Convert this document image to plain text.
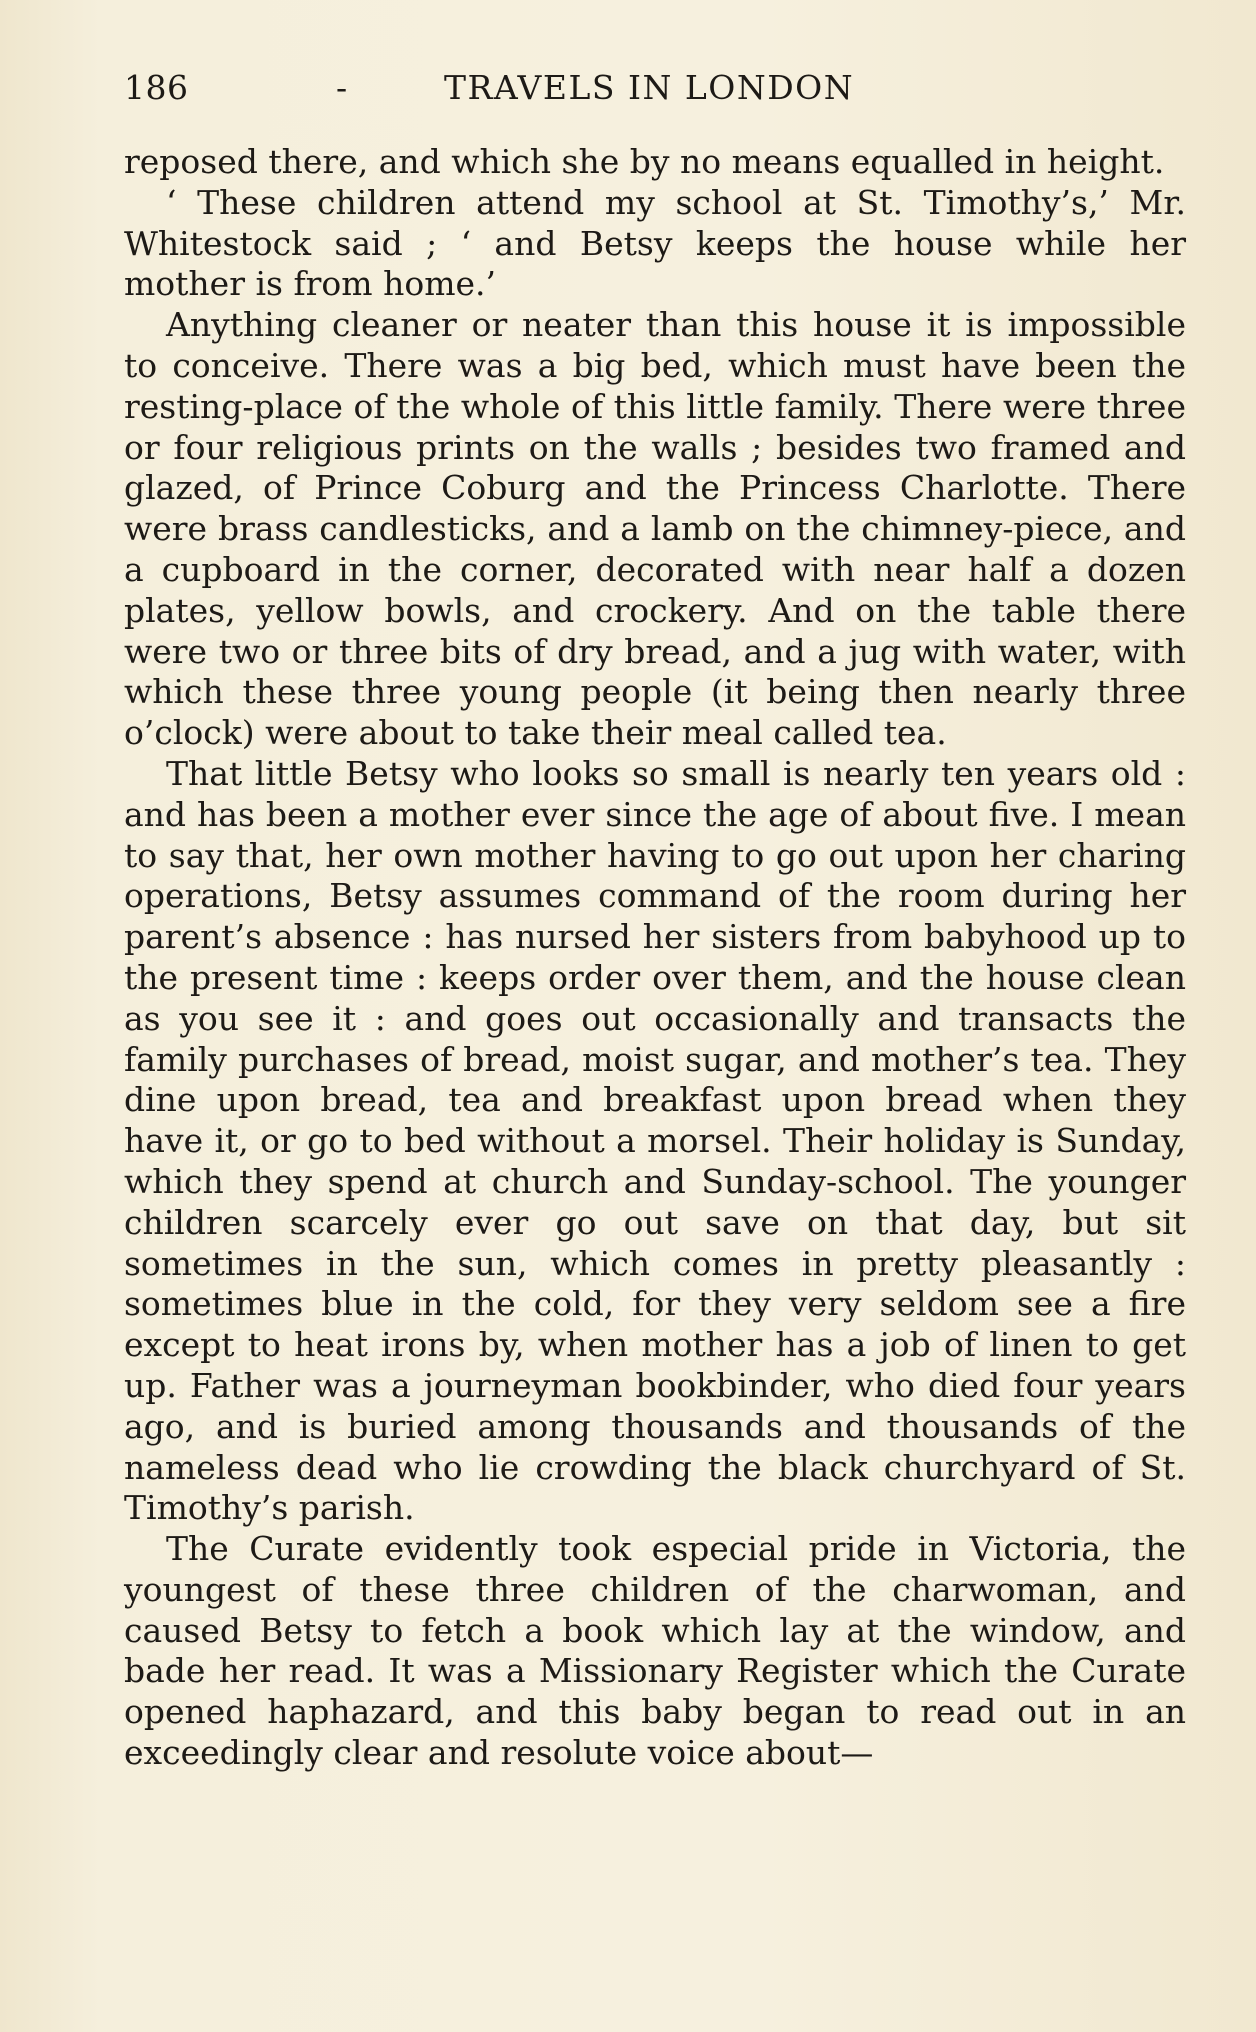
186	-	TRAVELS IN LONDON

reposed there, and which she by no means equalled in height.

‘ These children attend my school at St. Timothy’s,’ Mr. Whitestock said ; ‘ and Betsy keeps the house while her mother is from home.’

Anything cleaner or neater than this house it is impossible to conceive. There was a big bed, which must have been the resting-place of the whole of this little family. There were three or four religious prints on the walls ; besides two framed and glazed, of Prince Coburg and the Princess Charlotte. There were brass candlesticks, and a lamb on the chimney-piece, and a cupboard in the corner, decorated with near half a dozen plates, yellow bowls, and crockery. And on the table there were two or three bits of dry bread, and a jug with water, with which these three young people (it being then nearly three o’clock) were about to take their meal called tea.

That little Betsy who looks so small is nearly ten years old : and has been a mother ever since the age of about five. I mean to say that, her own mother having to go out upon her charing operations, Betsy assumes command of the room during her parent’s absence : has nursed her sisters from babyhood up to the present time : keeps order over them, and the house clean as you see it : and goes out occasionally and transacts the family purchases of bread, moist sugar, and mother’s tea. They dine upon bread, tea and breakfast upon bread when they have it, or go to bed without a morsel. Their holiday is Sunday, which they spend at church and Sunday-school. The younger children scarcely ever go out save on that day, but sit sometimes in the sun, which comes in pretty pleasantly : sometimes blue in the cold, for they very seldom see a fire except to heat irons by, when mother has a job of linen to get up. Father was a journeyman bookbinder, who died four years ago, and is buried among thousands and thousands of the nameless dead who lie crowding the black churchyard of St. Timothy’s parish.

The Curate evidently took especial pride in Victoria, the youngest of these three children of the charwoman, and caused Betsy to fetch a book which lay at the window, and bade her read. It was a Missionary Register which the Curate opened haphazard, and this baby began to read out in an exceedingly clear and resolute voice about—
